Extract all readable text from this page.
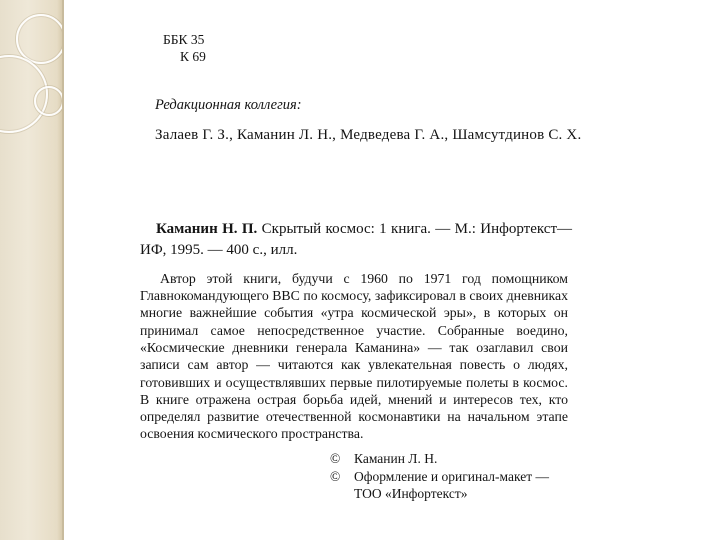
ББК 35
К 69
Редакционная коллегия:
Залаев Г. З., Каманин Л. Н., Медведева Г. А., Шамсутдинов С. Х.

Каманин Н. П. Скрытый космос: 1 книга. — М.: Инфортекст—ИФ, 1995. — 400 с., илл.

Автор этой книги, будучи с 1960 по 1971 год помощником Главнокомандующего ВВС по космосу, зафиксировал в своих дневниках многие важнейшие события «утра космической эры», в которых он принимал самое непосредственное участие. Собранные воедино, «Космические дневники генерала Каманина» — так озаглавил свои записи сам автор — читаются как увлекательная повесть о людях, готовивших и осуществлявших первые пилотируемые полеты в космос. В книге отражена острая борьба идей, мнений и интересов тех, кто определял развитие отечественной космонавтики на начальном этапе освоения космического пространства.

©	Каманин Л. Н.
©	Оформление и оригинал-макет — ТОО «Инфортекст»
